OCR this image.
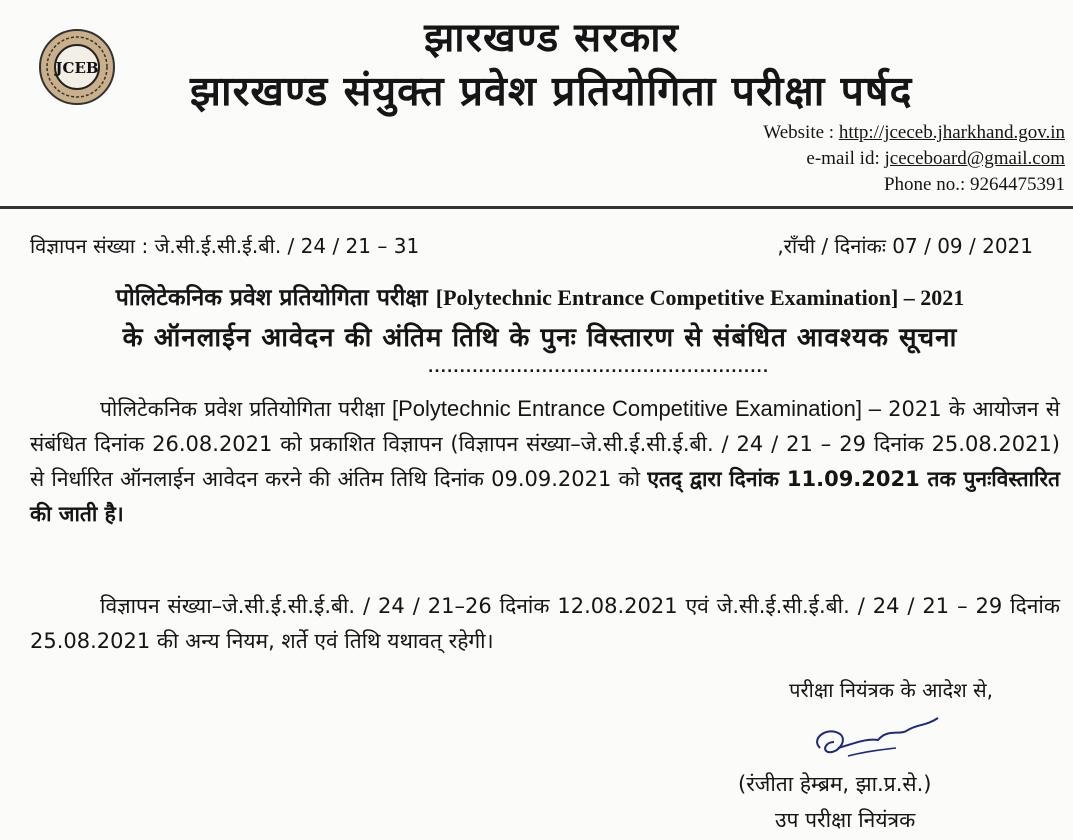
JCEB
झारखण्ड सरकार
झारखण्ड संयुक्त प्रवेश प्रतियोगिता परीक्षा पर्षद
Website : http://jceceb.jharkhand.gov.in
e-mail id: jceceboard@gmail.com
Phone no.: 9264475391
विज्ञापन संख्या : जे.सी.ई.सी.ई.बी. / 24 / 21 – 31	,राँची / दिनांकः 07 / 09 / 2021
पोलिटेकनिक प्रवेश प्रतियोगिता परीक्षा [Polytechnic Entrance Competitive Examination] – 2021
के ऑनलाईन आवेदन की अंतिम तिथि के पुनः विस्तारण से संबंधित आवश्यक सूचना
......................................................
पोलिटेकनिक प्रवेश प्रतियोगिता परीक्षा [Polytechnic Entrance Competitive Examination] – 2021 के आयोजन से संबंधित दिनांक 26.08.2021 को प्रकाशित विज्ञापन (विज्ञापन संख्या–जे.सी.ई.सी.ई.बी. / 24 / 21 – 29 दिनांक 25.08.2021) से निर्धारित ऑनलाईन आवेदन करने की अंतिम तिथि दिनांक 09.09.2021 को एतद् द्वारा दिनांक 11.09.2021 तक पुनःविस्तारित की जाती है।
विज्ञापन संख्या–जे.सी.ई.सी.ई.बी. / 24 / 21–26 दिनांक 12.08.2021 एवं जे.सी.ई.सी.ई.बी. / 24 / 21 – 29 दिनांक 25.08.2021 की अन्य नियम, शर्ते एवं तिथि यथावत् रहेगी।
परीक्षा नियंत्रक के आदेश से,
(रंजीता हेम्ब्रम, झा.प्र.से.)
उप परीक्षा नियंत्रक
